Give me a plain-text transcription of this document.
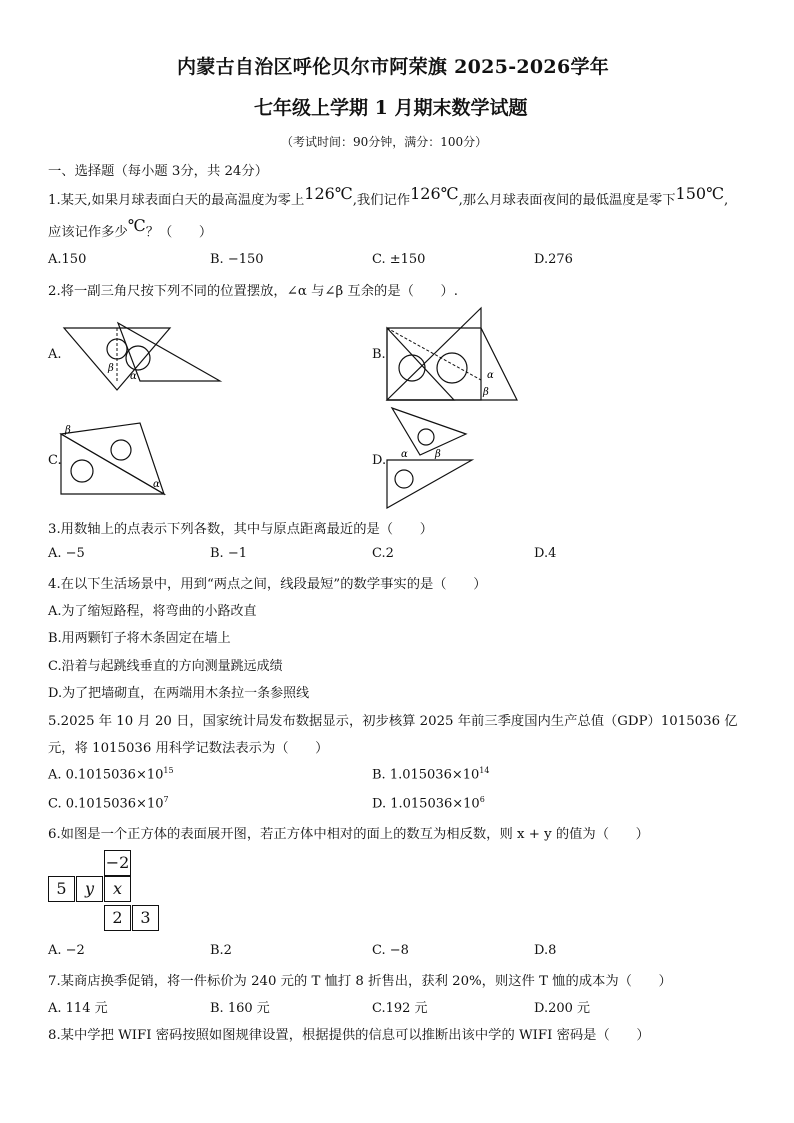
内蒙古自治区呼伦贝尔市阿荣旗 2025-2026学年
七年级上学期 1 月期末数学试题
（考试时间：90分钟，满分：100分）
一、选择题（每小题 3分，共 24分）
1.某天,如果月球表面白天的最高温度为零上126℃,我们记作126℃,那么月球表面夜间的最低温度是零下150℃,
应该记作多少℃？（　　）
A.150	B. −150	C. ±150	D.276
2.将一副三角尺按下列不同的位置摆放，∠α 与∠β 互余的是（　　）.
A.
β
α
B.
α
β
C.
β
α
D. α	β
3.用数轴上的点表示下列各数，其中与原点距离最近的是（　　）
A. −5	B. −1	C.2	D.4
4.在以下生活场景中，用到“两点之间，线段最短”的数学事实的是（　　）
A.为了缩短路程，将弯曲的小路改直
B.用两颗钉子将木条固定在墙上
C.沿着与起跳线垂直的方向测量跳远成绩
D.为了把墙砌直，在两端用木条拉一条参照线
5.2025 年 10 月 20 日，国家统计局发布数据显示，初步核算 2025 年前三季度国内生产总值（GDP）1015036 亿
元，将 1015036 用科学记数法表示为（　　）
A. $0.1015036\times 10^{15}$	B. $1.015036\times 10^{14}$
C. $0.1015036\times 10^7$	D. $1.015036\times 10^6$
6.如图是一个正方体的表面展开图，若正方体中相对的面上的数互为相反数，则 x + y 的值为（　　）
−2
5	y	x
2	3
A. −2	B.2	C. −8	D.8
7.某商店换季促销，将一件标价为 240 元的 T 恤打 8 折售出，获利 20%，则这件 T 恤的成本为（　　）
A. 114 元	B. 160 元	C.192 元	D.200 元
8.某中学把 WIFI 密码按照如图规律设置，根据提供的信息可以推断出该中学的 WIFI 密码是（　　）
